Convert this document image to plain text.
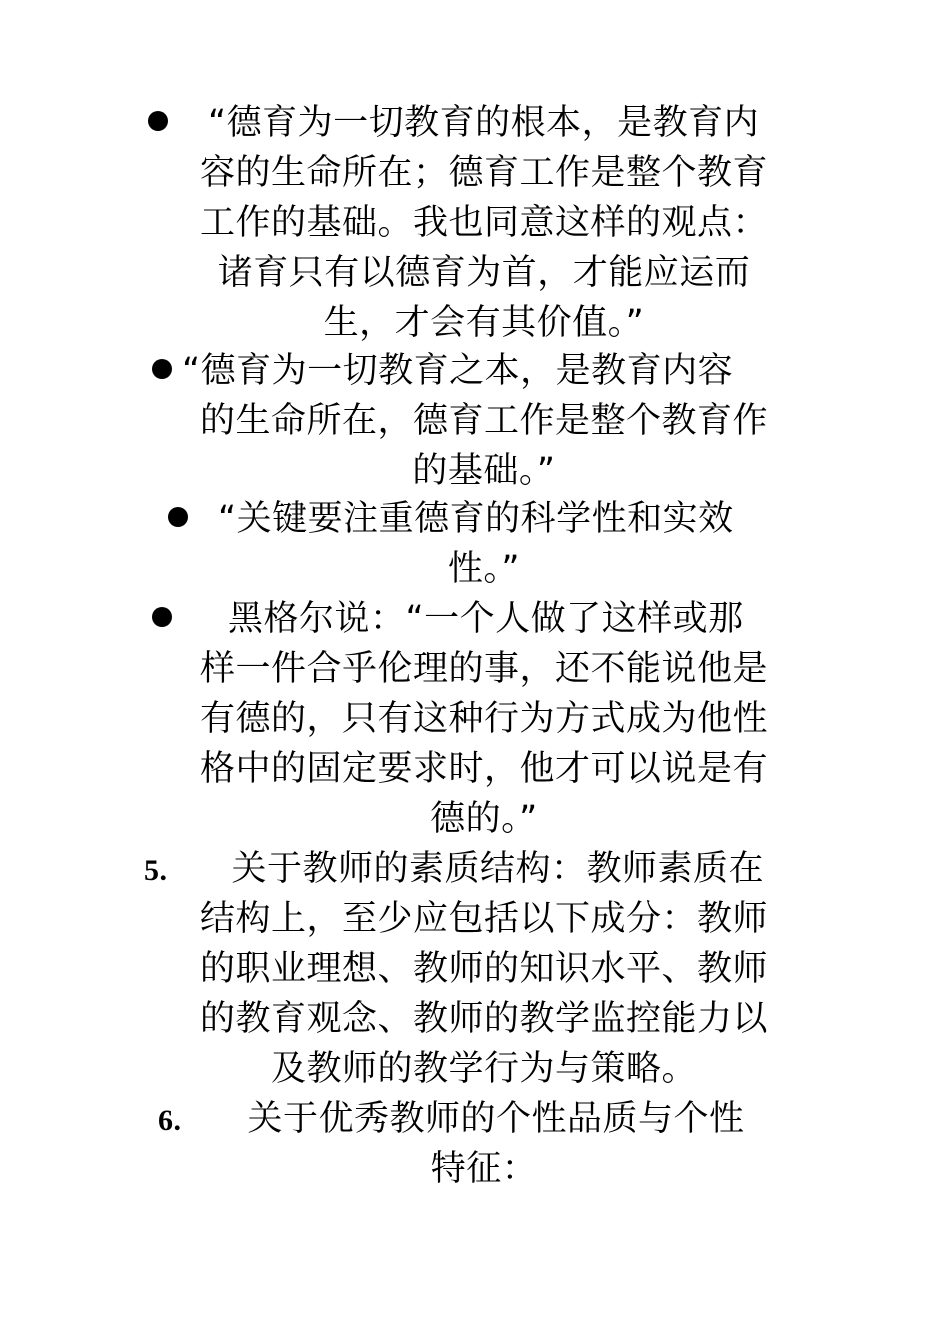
“德育为一切教育的根本，是教育内
容的生命所在；德育工作是整个教育
工作的基础。我也同意这样的观点：
诸育只有以德育为首，才能应运而
生，才会有其价值。”
“德育为一切教育之本，是教育内容
的生命所在，德育工作是整个教育作
的基础。”
“关键要注重德育的科学性和实效
性。”
黑格尔说：“一个人做了这样或那
样一件合乎伦理的事，还不能说他是
有德的，只有这种行为方式成为他性
格中的固定要求时，他才可以说是有
德的。”
5. 关于教师的素质结构：教师素质在
结构上，至少应包括以下成分：教师
的职业理想、教师的知识水平、教师
的教育观念、教师的教学监控能力以
及教师的教学行为与策略。
6. 关于优秀教师的个性品质与个性
特征：
